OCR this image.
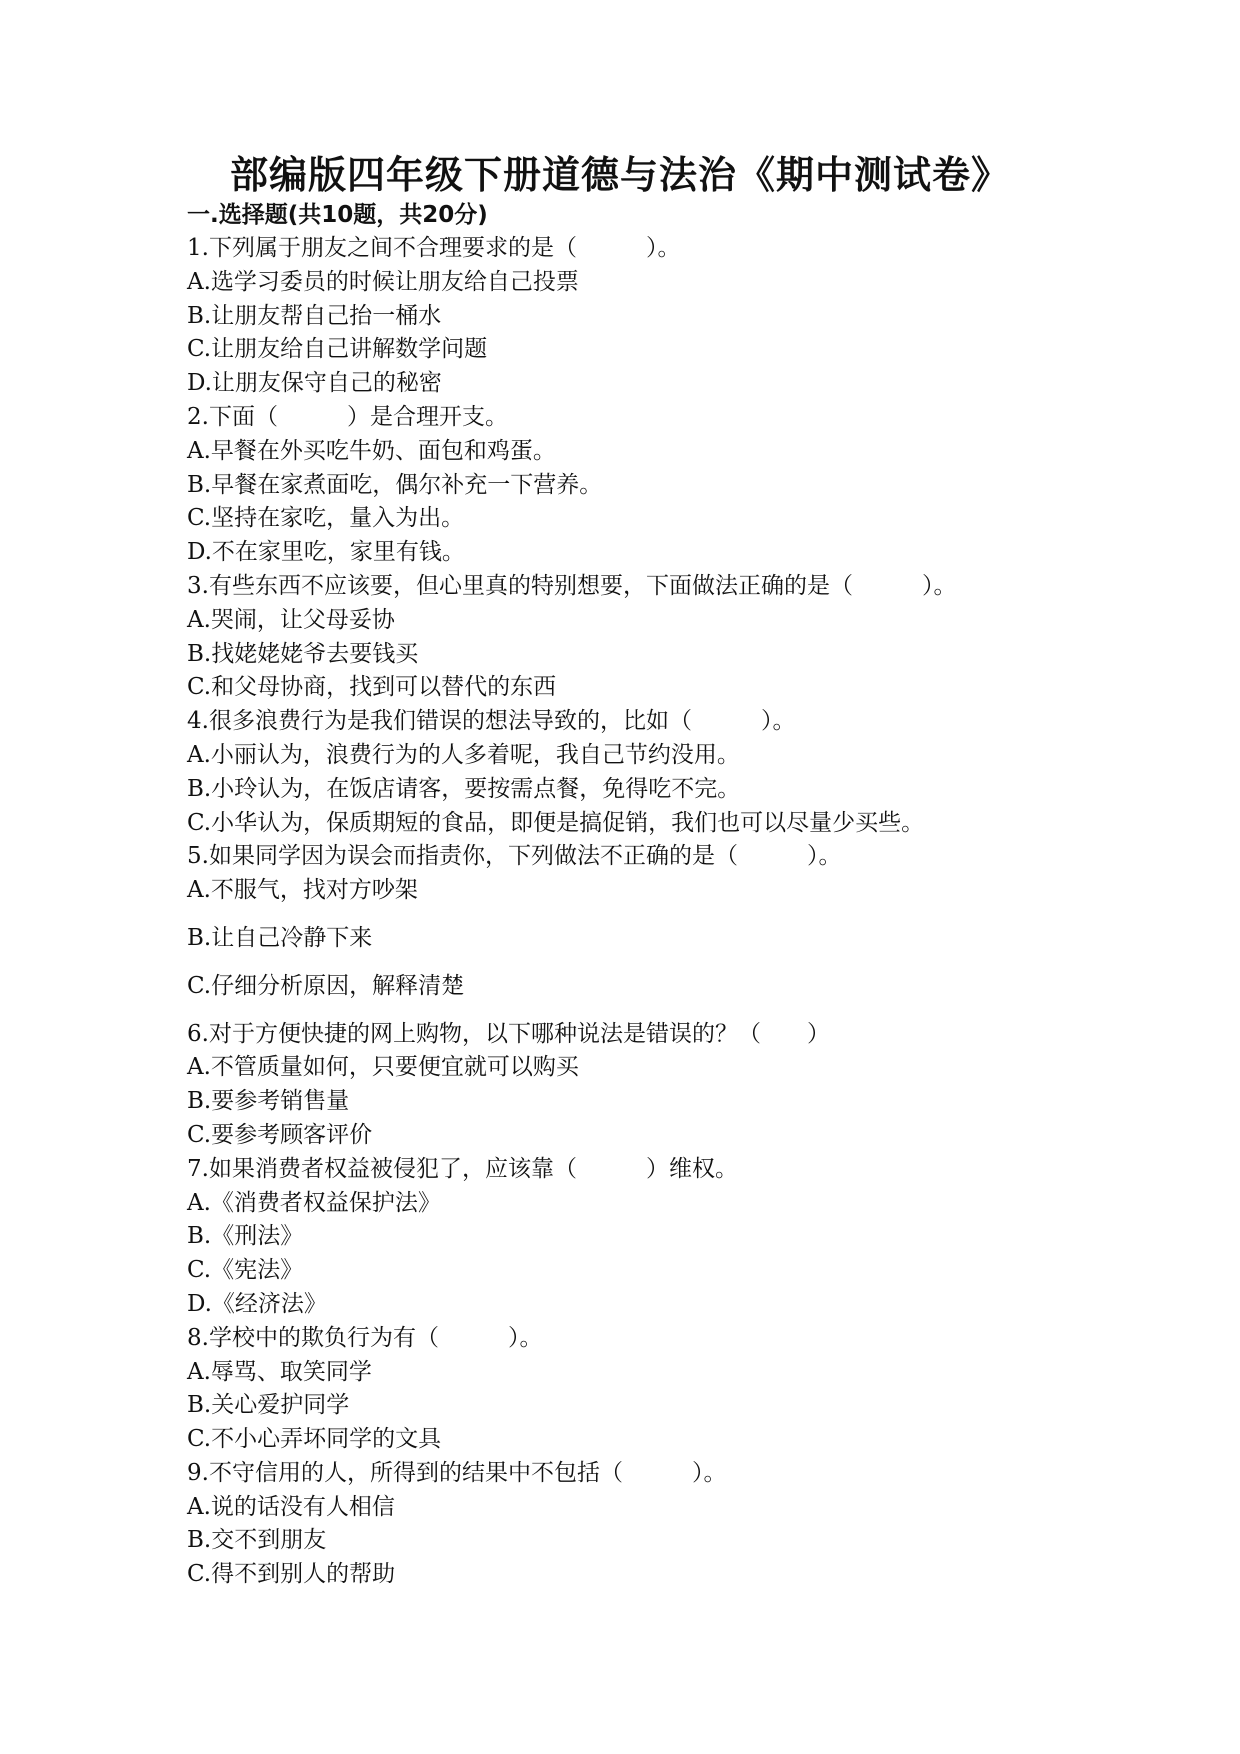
部编版四年级下册道德与法治《期中测试卷》
一.选择题(共10题，共20分)
1.下列属于朋友之间不合理要求的是（　　　）。
A.选学习委员的时候让朋友给自己投票
B.让朋友帮自己抬一桶水
C.让朋友给自己讲解数学问题
D.让朋友保守自己的秘密
2.下面（　　　）是合理开支。
A.早餐在外买吃牛奶、面包和鸡蛋。
B.早餐在家煮面吃，偶尔补充一下营养。
C.坚持在家吃，量入为出。
D.不在家里吃，家里有钱。
3.有些东西不应该要，但心里真的特别想要，下面做法正确的是（　　　）。
A.哭闹，让父母妥协
B.找姥姥姥爷去要钱买
C.和父母协商，找到可以替代的东西
4.很多浪费行为是我们错误的想法导致的，比如（　　　）。
A.小丽认为，浪费行为的人多着呢，我自己节约没用。
B.小玲认为，在饭店请客，要按需点餐，免得吃不完。
C.小华认为，保质期短的食品，即便是搞促销，我们也可以尽量少买些。
5.如果同学因为误会而指责你，下列做法不正确的是（　　　）。
A.不服气，找对方吵架
B.让自己冷静下来
C.仔细分析原因，解释清楚
6.对于方便快捷的网上购物，以下哪种说法是错误的？（　　）
A.不管质量如何，只要便宜就可以购买
B.要参考销售量
C.要参考顾客评价
7.如果消费者权益被侵犯了，应该靠（　　　）维权。
A.《消费者权益保护法》
B.《刑法》
C.《宪法》
D.《经济法》
8.学校中的欺负行为有（　　　）。
A.辱骂、取笑同学
B.关心爱护同学
C.不小心弄坏同学的文具
9.不守信用的人，所得到的结果中不包括（　　　）。
A.说的话没有人相信
B.交不到朋友
C.得不到别人的帮助
